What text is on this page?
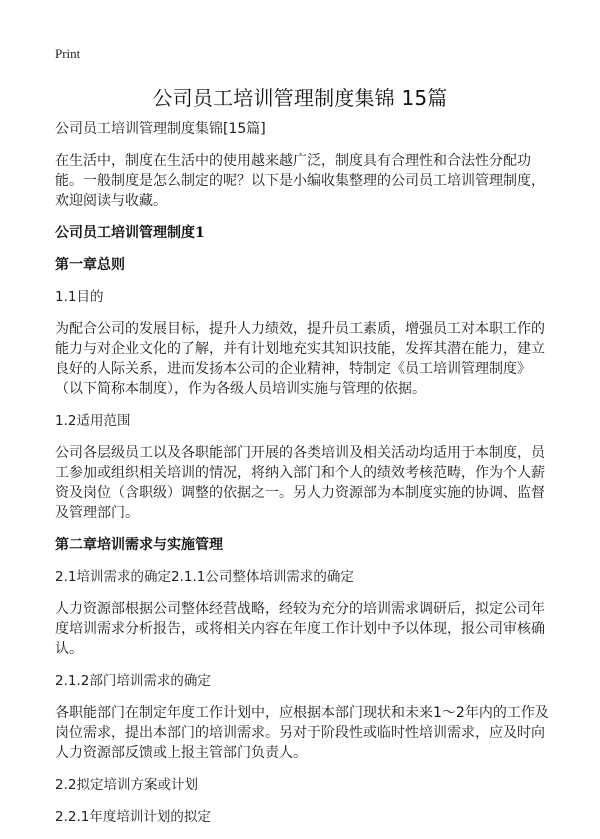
Print
公司员工培训管理制度集锦 15篇

公司员工培训管理制度集锦[15篇]

在生活中，制度在生活中的使用越来越广泛，制度具有合理性和合法性分配功能。一般制度是怎么制定的呢？以下是小编收集整理的公司员工培训管理制度，欢迎阅读与收藏。

公司员工培训管理制度1

第一章总则

1.1目的

为配合公司的发展目标，提升人力绩效，提升员工素质，增强员工对本职工作的能力与对企业文化的了解，并有计划地充实其知识技能，发挥其潜在能力，建立良好的人际关系，进而发扬本公司的企业精神，特制定《员工培训管理制度》（以下简称本制度），作为各级人员培训实施与管理的依据。

1.2适用范围

公司各层级员工以及各职能部门开展的各类培训及相关活动均适用于本制度，员工参加或组织相关培训的情况，将纳入部门和个人的绩效考核范畴，作为个人薪资及岗位（含职级）调整的依据之一。另人力资源部为本制度实施的协调、监督及管理部门。

第二章培训需求与实施管理

2.1培训需求的确定2.1.1公司整体培训需求的确定

人力资源部根据公司整体经营战略，经较为充分的培训需求调研后，拟定公司年度培训需求分析报告，或将相关内容在年度工作计划中予以体现，报公司审核确认。

2.1.2部门培训需求的确定

各职能部门在制定年度工作计划中，应根据本部门现状和未来1～2年内的工作及岗位需求，提出本部门的培训需求。另对于阶段性或临时性培训需求，应及时向人力资源部反馈或上报主管部门负责人。

2.2拟定培训方案或计划

2.2.1年度培训计划的拟定
